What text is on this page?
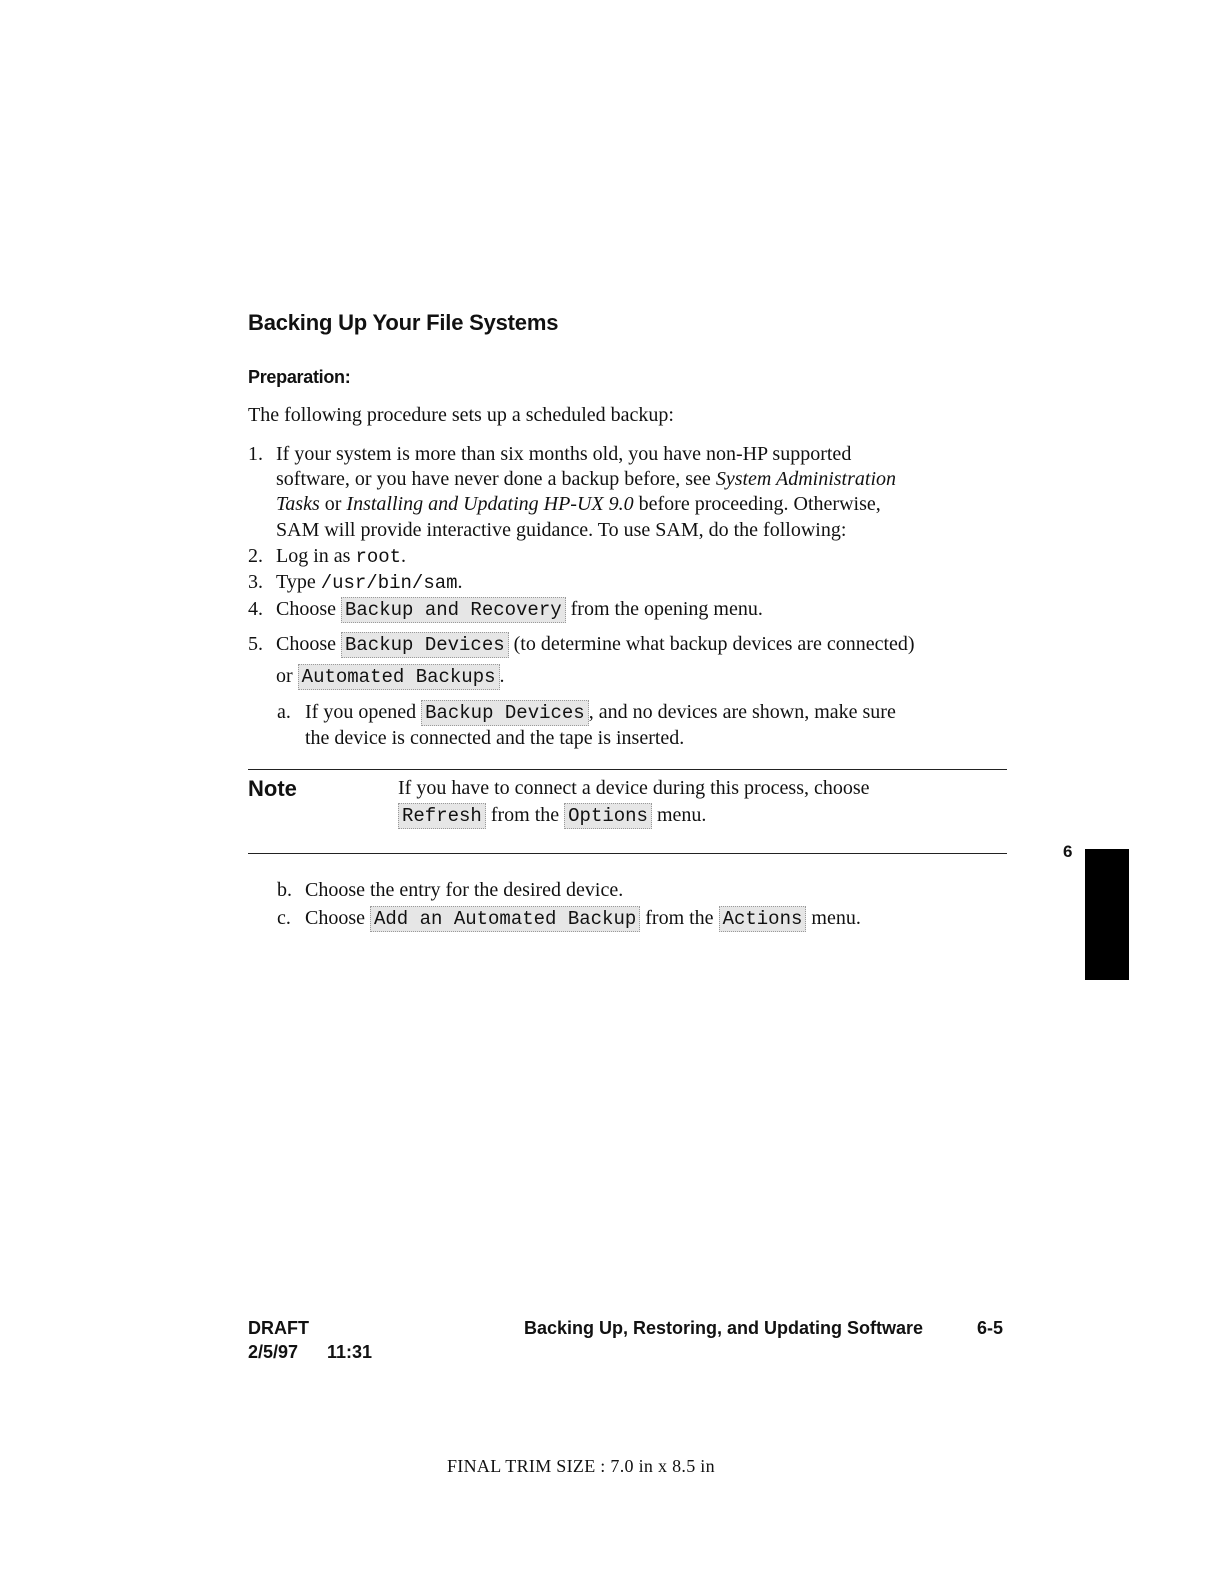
Backing Up Your File Systems
Preparation:

The following procedure sets up a scheduled backup:

1. If your system is more than six months old, you have non-HP supported
software, or you have never done a backup before, see System Administration
Tasks or Installing and Updating HP-UX 9.0 before proceeding. Otherwise,
SAM will provide interactive guidance. To use SAM, do the following:
2. Log in as root.
3. Type /usr/bin/sam.
4. Choose Backup and Recovery from the opening menu.
5. Choose Backup Devices (to determine what backup devices are connected)
or Automated Backups .
a. If you opened Backup Devices , and no devices are shown, make sure
the device is connected and the tape is inserted.
Note	If you have to connect a device during this process, choose
Refresh from the Options menu.
b. Choose the entry for the desired device.
c. Choose Add an Automated Backup from the Actions menu.
6
DRAFT
2/5/97 11:31
Backing Up, Restoring, and Updating Software	6-5
FINAL TRIM SIZE : 7.0 in x 8.5 in
